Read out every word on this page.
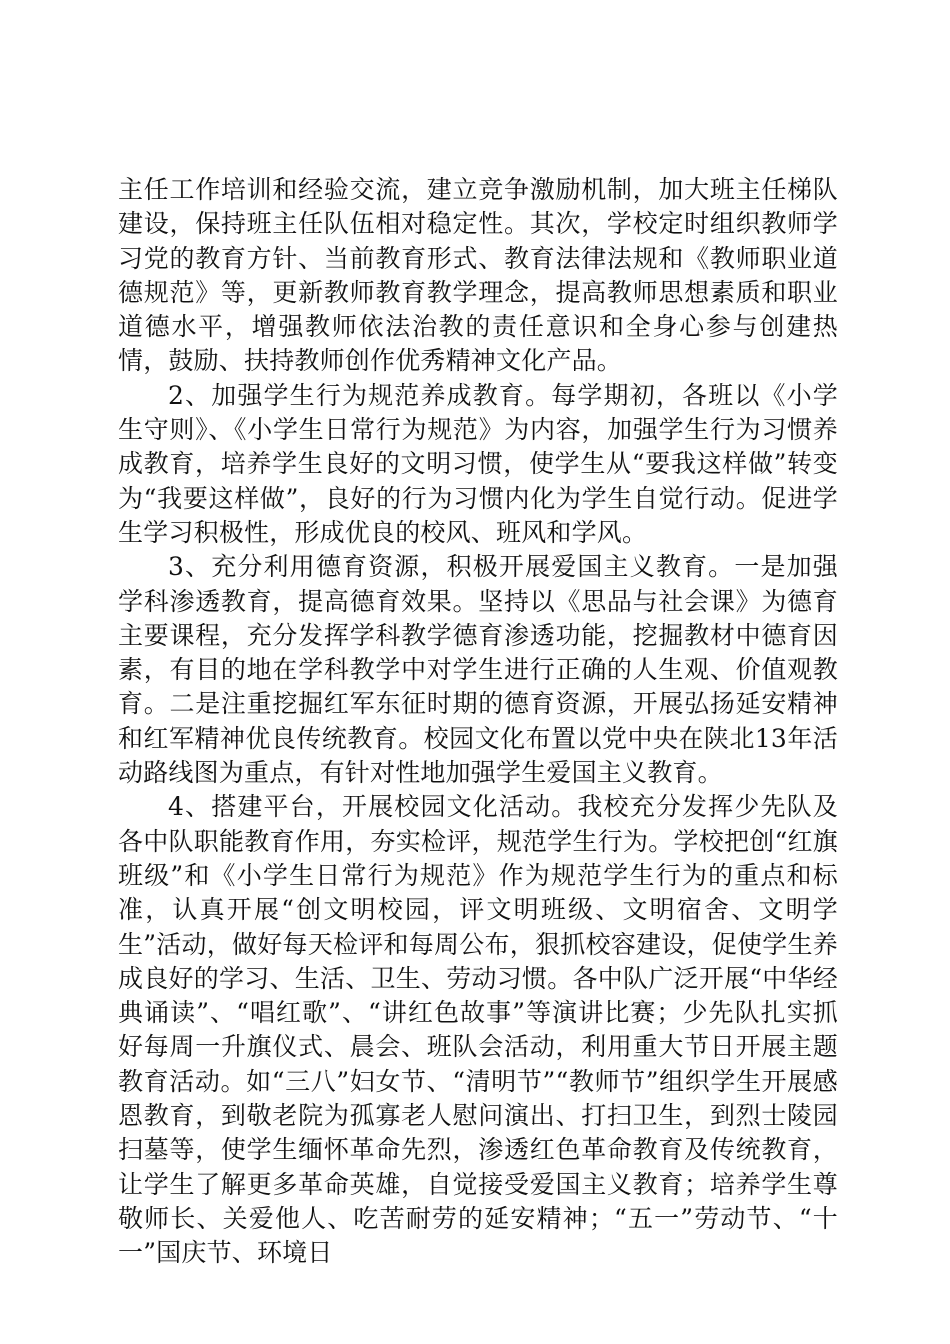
主任工作培训和经验交流，建立竞争激励机制，加大班主任梯队建设，保持班主任队伍相对稳定性。其次，学校定时组织教师学习党的教育方针、当前教育形式、教育法律法规和《教师职业道德规范》等，更新教师教育教学理念，提高教师思想素质和职业道德水平，增强教师依法治教的责任意识和全身心参与创建热情，鼓励、扶持教师创作优秀精神文化产品。

2、加强学生行为规范养成教育。每学期初，各班以《小学生守则》、《小学生日常行为规范》为内容，加强学生行为习惯养成教育，培养学生良好的文明习惯，使学生从“要我这样做”转变为“我要这样做”，良好的行为习惯内化为学生自觉行动。促进学生学习积极性，形成优良的校风、班风和学风。

3、充分利用德育资源，积极开展爱国主义教育。一是加强学科渗透教育，提高德育效果。坚持以《思品与社会课》为德育主要课程，充分发挥学科教学德育渗透功能，挖掘教材中德育因素，有目的地在学科教学中对学生进行正确的人生观、价值观教育。二是注重挖掘红军东征时期的德育资源，开展弘扬延安精神和红军精神优良传统教育。校园文化布置以党中央在陕北13年活动路线图为重点，有针对性地加强学生爱国主义教育。

4、搭建平台，开展校园文化活动。我校充分发挥少先队及各中队职能教育作用，夯实检评，规范学生行为。学校把创“红旗班级”和《小学生日常行为规范》作为规范学生行为的重点和标准，认真开展“创文明校园，评文明班级、文明宿舍、文明学生”活动，做好每天检评和每周公布，狠抓校容建设，促使学生养成良好的学习、生活、卫生、劳动习惯。各中队广泛开展“中华经典诵读”、“唱红歌”、“讲红色故事”等演讲比赛；少先队扎实抓好每周一升旗仪式、晨会、班队会活动，利用重大节日开展主题教育活动。如“三八”妇女节、“清明节”“教师节”组织学生开展感恩教育，到敬老院为孤寡老人慰问演出、打扫卫生，到烈士陵园扫墓等，使学生缅怀革命先烈，渗透红色革命教育及传统教育，让学生了解更多革命英雄，自觉接受爱国主义教育；培养学生尊敬师长、关爱他人、吃苦耐劳的延安精神；“五一”劳动节、“十一”国庆节、环境日
